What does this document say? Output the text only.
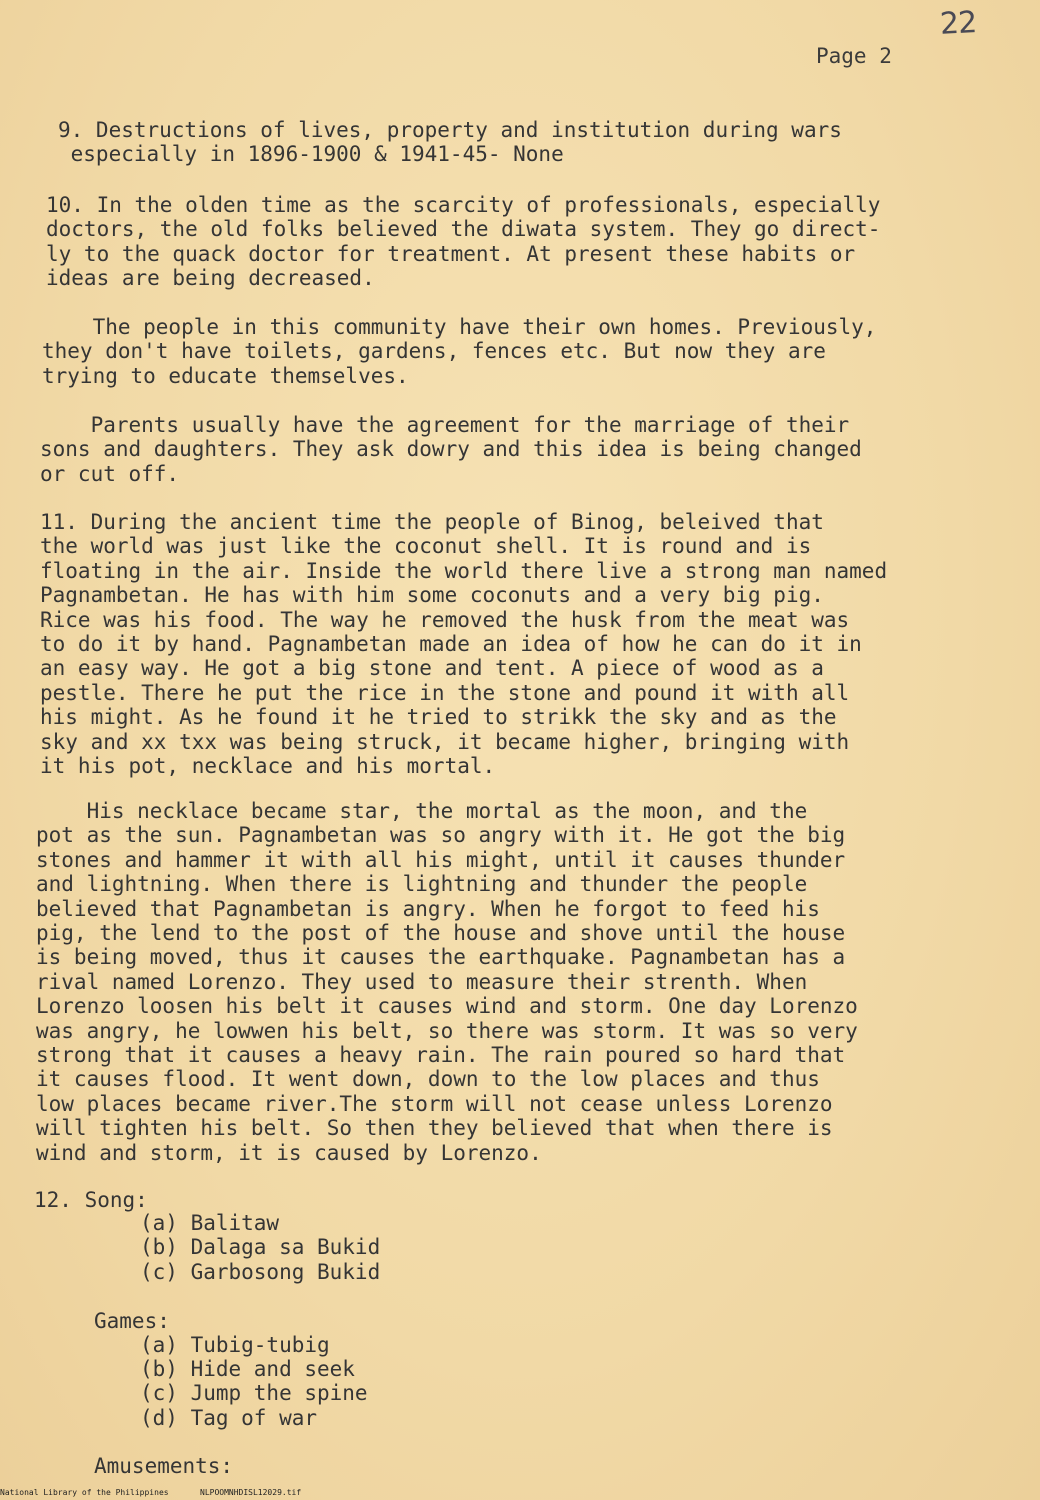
22
Page 2
9. Destructions of lives, property and institution during wars
especially in 1896-1900 & 1941-45- None
10. In the olden time as the scarcity of professionals, especially
doctors, the old folks believed the diwata system. They go direct-
ly to the quack doctor for treatment. At present these habits or
ideas are being decreased.
The people in this community have their own homes. Previously,
they don't have toilets, gardens, fences etc. But now they are
trying to educate themselves.
Parents usually have the agreement for the marriage of their
sons and daughters. They ask dowry and this idea is being changed
or cut off.
11. During the ancient time the people of Binog, beleived that
the world was just like the coconut shell. It is round and is
floating in the air. Inside the world there live a strong man named
Pagnambetan. He has with him some coconuts and a very big pig.
Rice was his food. The way he removed the husk from the meat was
to do it by hand. Pagnambetan made an idea of how he can do it in
an easy way. He got a big stone and tent. A piece of wood as a
pestle. There he put the rice in the stone and pound it with all
his might. As he found it he tried to strikk the sky and as the
sky and xx txx was being struck, it became higher, bringing with
it his pot, necklace and his mortal.
His necklace became star, the mortal as the moon, and the
pot as the sun. Pagnambetan was so angry with it. He got the big
stones and hammer it with all his might, until it causes thunder
and lightning. When there is lightning and thunder the people
believed that Pagnambetan is angry. When he forgot to feed his
pig, the lend to the post of the house and shove until the house
is being moved, thus it causes the earthquake. Pagnambetan has a
rival named Lorenzo. They used to measure their strenth. When
Lorenzo loosen his belt it causes wind and storm. One day Lorenzo
was angry, he lowwen his belt, so there was storm. It was so very
strong that it causes a heavy rain. The rain poured so hard that
it causes flood. It went down, down to the low places and thus
low places became river.The storm will not cease unless Lorenzo
will tighten his belt. So then they believed that when there is
wind and storm, it is caused by Lorenzo.
12. Song:
(a) Balitaw
(b) Dalaga sa Bukid
(c) Garbosong Bukid
Games:
(a) Tubig-tubig
(b) Hide and seek
(c) Jump the spine
(d) Tag of war
Amusements:
National Library of the Philippines	NLPOOMNHDISL12029.tif
